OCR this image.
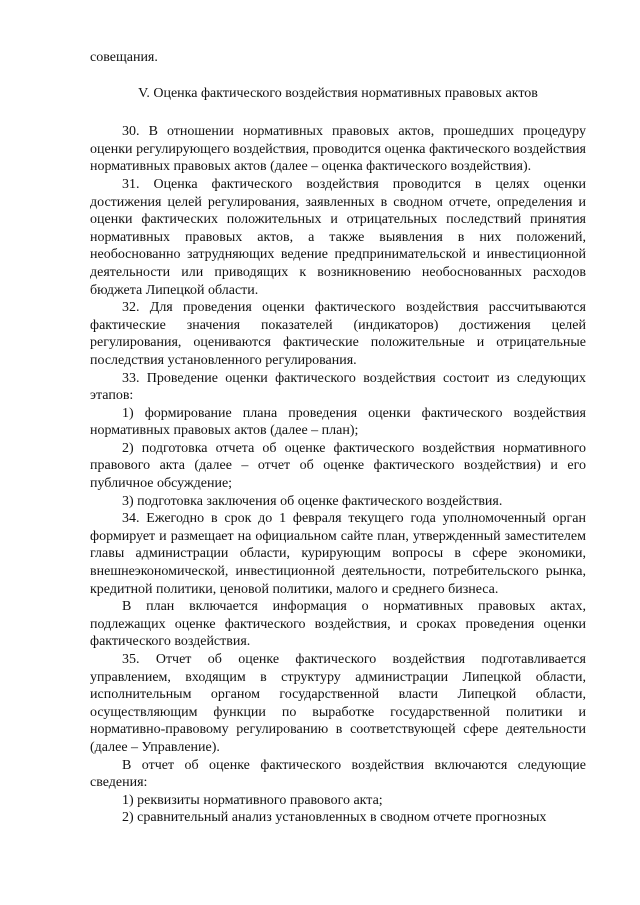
совещания.

V. Оценка фактического воздействия нормативных правовых актов

30. В отношении нормативных правовых актов, прошедших процедуру оценки регулирующего воздействия, проводится оценка фактического воздействия нормативных правовых актов (далее – оценка фактического воздействия).

31. Оценка фактического воздействия проводится в целях оценки достижения целей регулирования, заявленных в сводном отчете, определения и оценки фактических положительных и отрицательных последствий принятия нормативных правовых актов, а также выявления в них положений, необоснованно затрудняющих ведение предпринимательской и инвестиционной деятельности или приводящих к возникновению необоснованных расходов бюджета Липецкой области.

32. Для проведения оценки фактического воздействия рассчитываются фактические значения показателей (индикаторов) достижения целей регулирования, оцениваются фактические положительные и отрицательные последствия установленного регулирования.

33. Проведение оценки фактического воздействия состоит из следующих этапов:

1) формирование плана проведения оценки фактического воздействия нормативных правовых актов (далее – план);

2) подготовка отчета об оценке фактического воздействия нормативного правового акта (далее – отчет об оценке фактического воздействия) и его публичное обсуждение;

3) подготовка заключения об оценке фактического воздействия.

34. Ежегодно в срок до 1 февраля текущего года уполномоченный орган формирует и размещает на официальном сайте план, утвержденный заместителем главы администрации области, курирующим вопросы в сфере экономики, внешнеэкономической, инвестиционной деятельности, потребительского рынка, кредитной политики, ценовой политики, малого и среднего бизнеса.

В план включается информация о нормативных правовых актах, подлежащих оценке фактического воздействия, и сроках проведения оценки фактического воздействия.

35. Отчет об оценке фактического воздействия подготавливается управлением, входящим в структуру администрации Липецкой области, исполнительным органом государственной власти Липецкой области, осуществляющим функции по выработке государственной политики и нормативно-правовому регулированию в соответствующей сфере деятельности (далее – Управление).

В отчет об оценке фактического воздействия включаются следующие сведения:

1) реквизиты нормативного правового акта;

2) сравнительный анализ установленных в сводном отчете прогнозных
